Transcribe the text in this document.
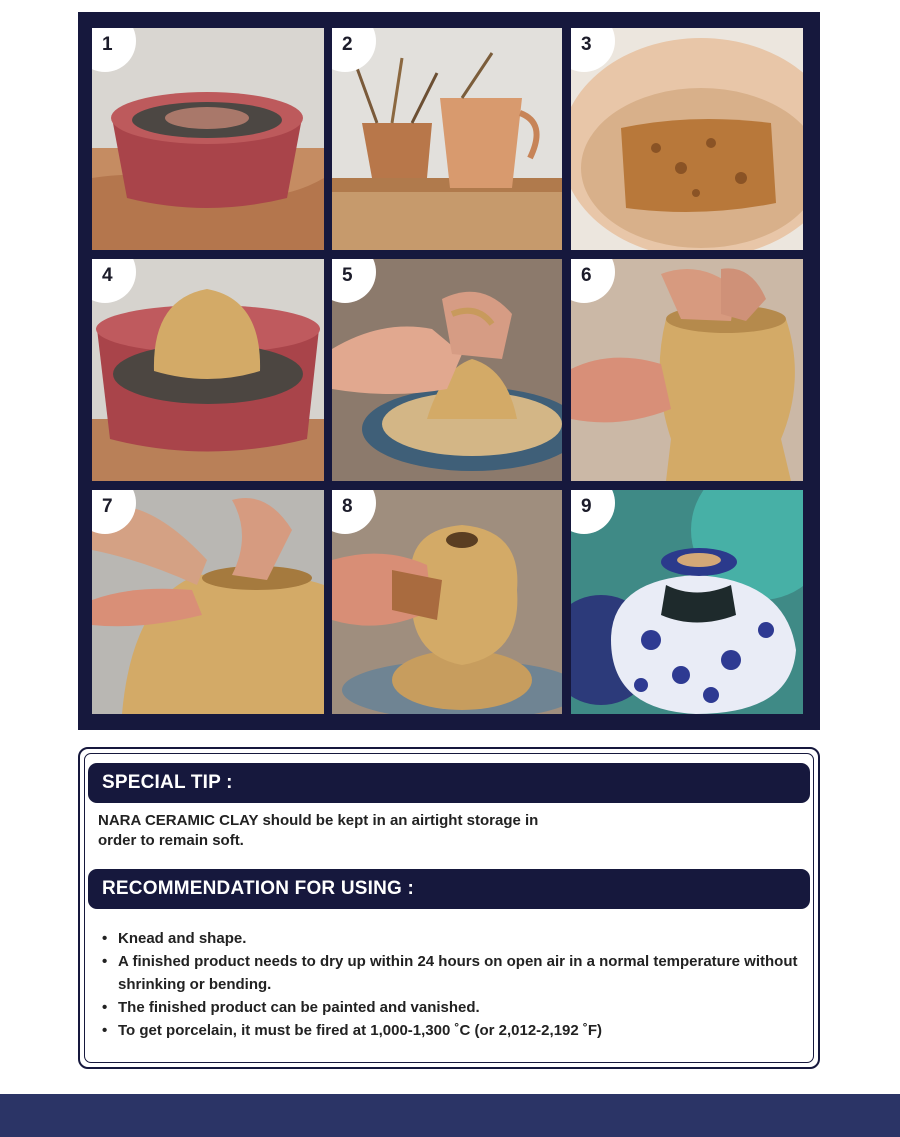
1	2	3
4	5	6
7	8	9
SPECIAL TIP :
NARA CERAMIC CLAY should be kept in an airtight storage in
order to remain soft.
RECOMMENDATION FOR USING :
• Knead and shape.
• A finished product needs to dry up within 24 hours on open air in a normal temperature without shrinking or bending.
• The finished product can be painted and vanished.
• To get porcelain, it must be fired at 1,000-1,300 ˚C (or 2,012-2,192 ˚F)
